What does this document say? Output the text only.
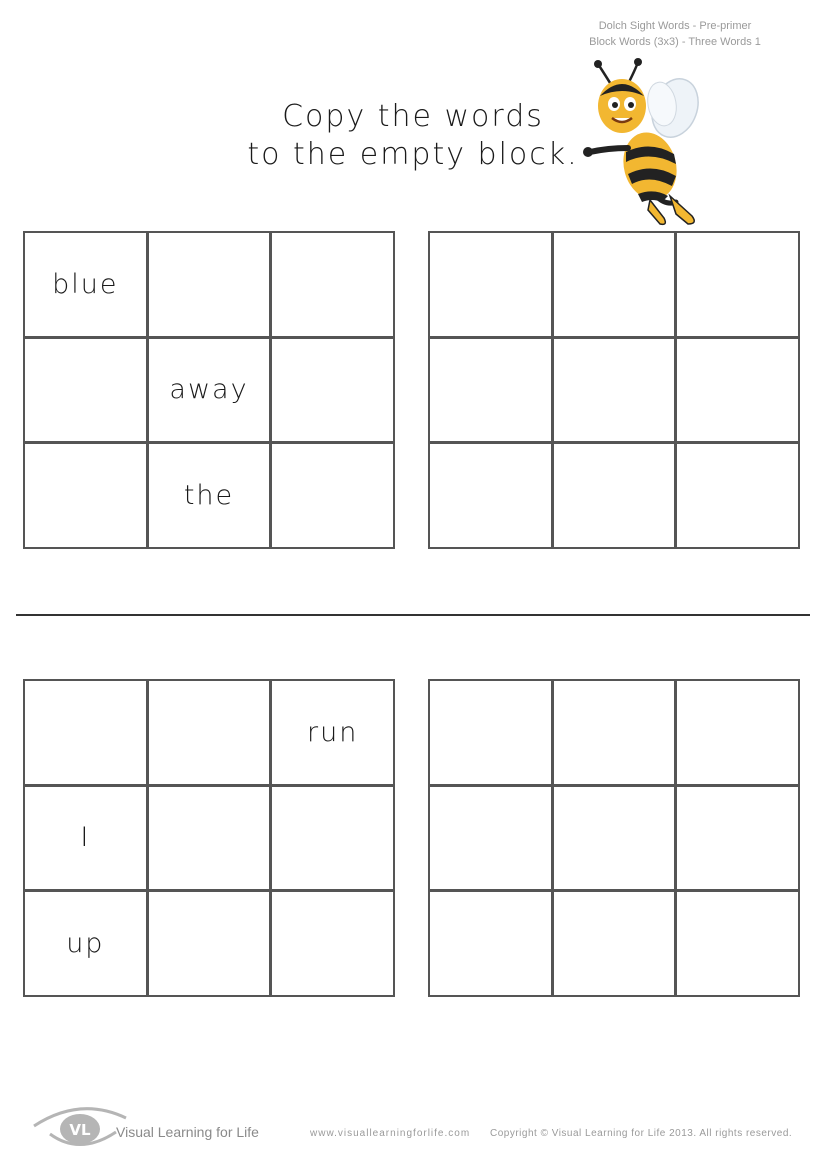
Dolch Sight Words - Pre-primer
Block Words (3x3) - Three Words 1
Copy the words
to the empty block.
blue
away
the
run
I
up
VL Visual Learning for Life	www.visuallearningforlife.com Copyright © Visual Learning for Life 2013. All rights reserved.
